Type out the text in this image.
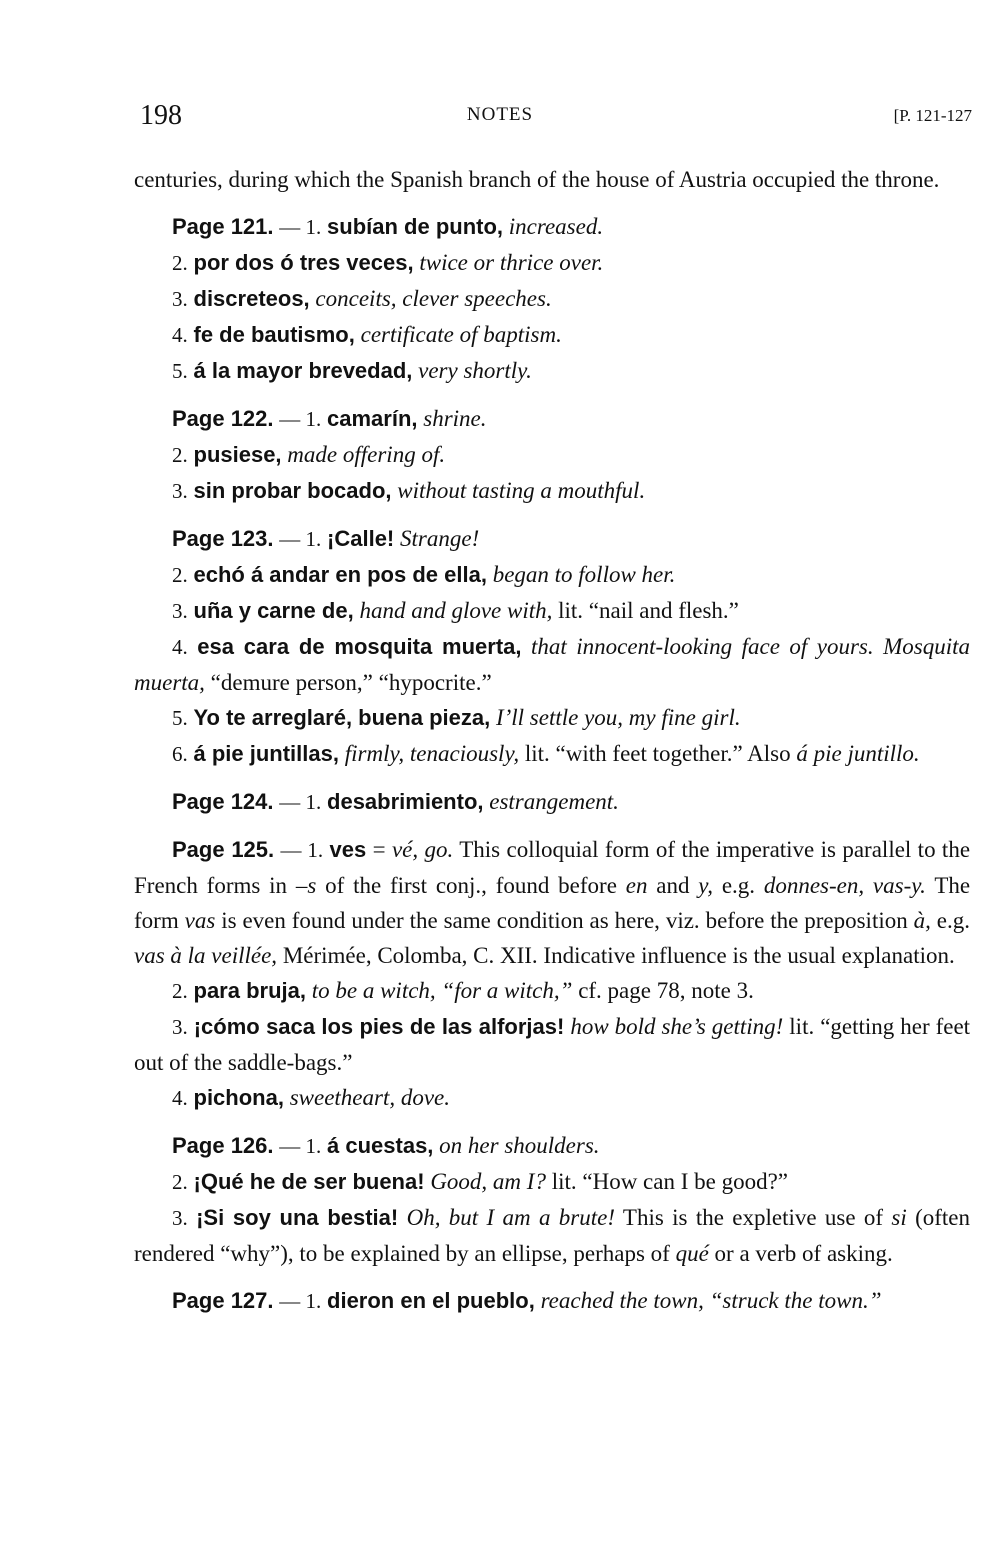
198	NOTES	[P. 121-127

centuries, during which the Spanish branch of the house of Austria occupied the throne.

Page 121. — 1. subían de punto, increased.

2. por dos ó tres veces, twice or thrice over.

3. discreteos, conceits, clever speeches.

4. fe de bautismo, certificate of baptism.

5. á la mayor brevedad, very shortly.

Page 122. — 1. camarín, shrine.

2. pusiese, made offering of.

3. sin probar bocado, without tasting a mouthful.

Page 123. — 1. ¡Calle! Strange!

2. echó á andar en pos de ella, began to follow her.

3. uña y carne de, hand and glove with, lit. “nail and flesh.”

4. esa cara de mosquita muerta, that innocent-looking face of yours. Mosquita muerta, “demure person,” “hypocrite.”

5. Yo te arreglaré, buena pieza, I’ll settle you, my fine girl.

6. á pie juntillas, firmly, tenaciously, lit. “with feet together.” Also á pie juntillo.

Page 124. — 1. desabrimiento, estrangement.

Page 125. — 1. ves = vé, go. This colloquial form of the imperative is parallel to the French forms in –s of the first conj., found before en and y, e.g. donnes-en, vas-y. The form vas is even found under the same condition as here, viz. before the preposition à, e.g. vas à la veillée, Mérimée, Colomba, C. XII. Indicative influence is the usual explanation.

2. para bruja, to be a witch, “for a witch,” cf. page 78, note 3.

3. ¡cómo saca los pies de las alforjas! how bold she’s getting! lit. “getting her feet out of the saddle-bags.”

4. pichona, sweetheart, dove.

Page 126. — 1. á cuestas, on her shoulders.

2. ¡Qué he de ser buena! Good, am I? lit. “How can I be good?”

3. ¡Si soy una bestia! Oh, but I am a brute! This is the expletive use of si (often rendered “why”), to be explained by an ellipse, perhaps of qué or a verb of asking.

Page 127. — 1. dieron en el pueblo, reached the town, “struck the town.”
